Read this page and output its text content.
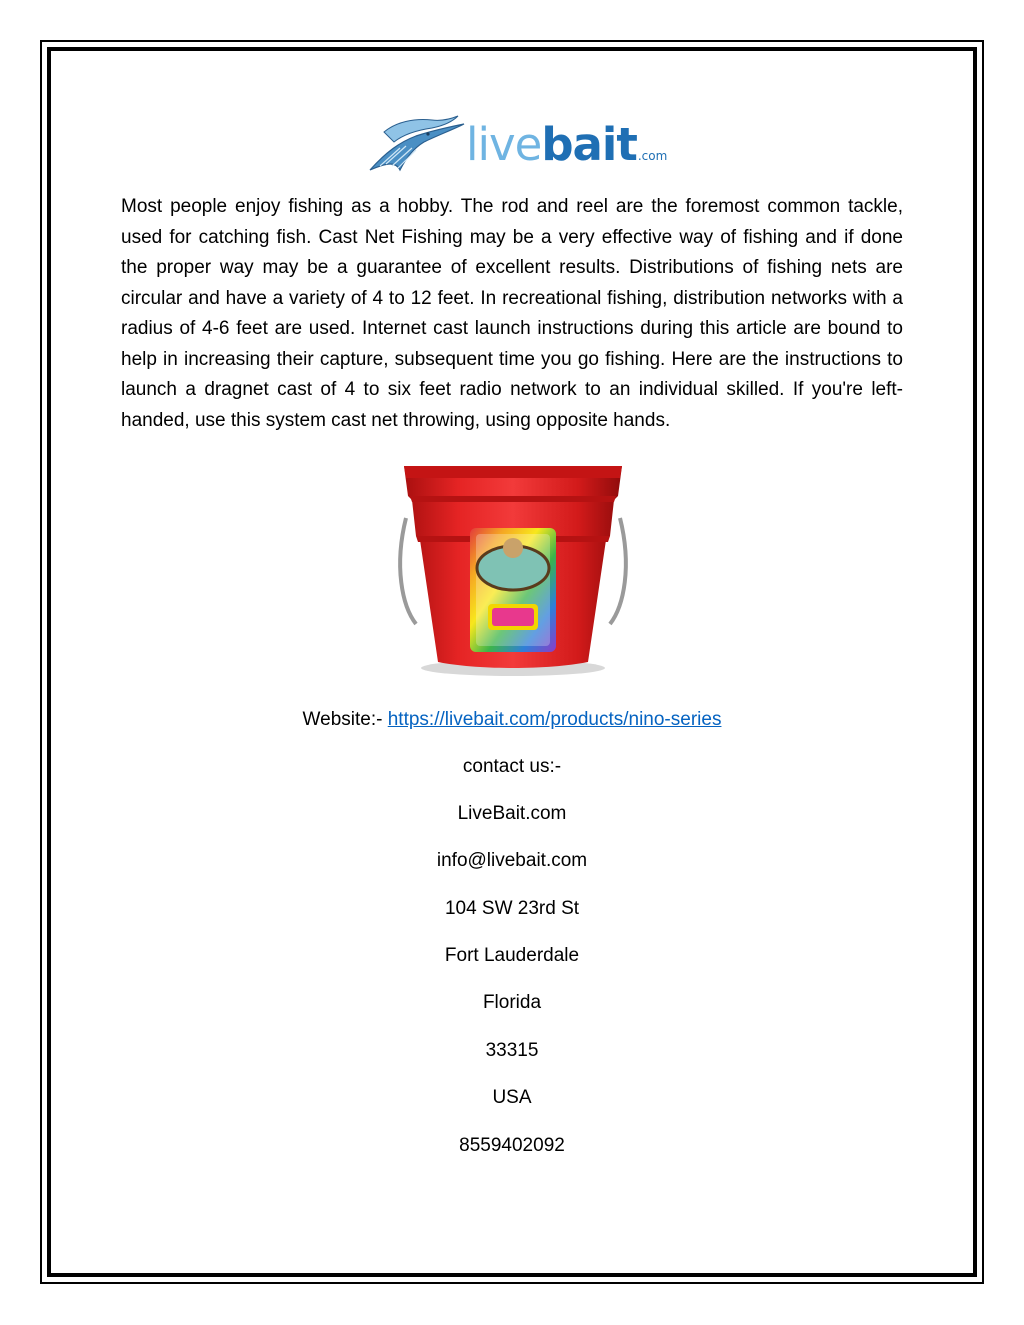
livebait.com

Most people enjoy fishing as a hobby. The rod and reel are the foremost common tackle, used for catching fish. Cast Net Fishing may be a very effective way of fishing and if done the proper way may be a guarantee of excellent results. Distributions of fishing nets are circular and have a variety of 4 to 12 feet. In recreational fishing, distribution networks with a radius of 4-6 feet are used. Internet cast launch instructions during this article are bound to help in increasing their capture, subsequent time you go fishing. Here are the instructions to launch a dragnet cast of 4 to six feet radio network to an individual skilled. If you're left-handed, use this system cast net throwing, using opposite hands.

Website:- https://livebait.com/products/nino-series

contact us:-

LiveBait.com

info@livebait.com

104 SW 23rd St

Fort Lauderdale

Florida

33315

USA

8559402092
